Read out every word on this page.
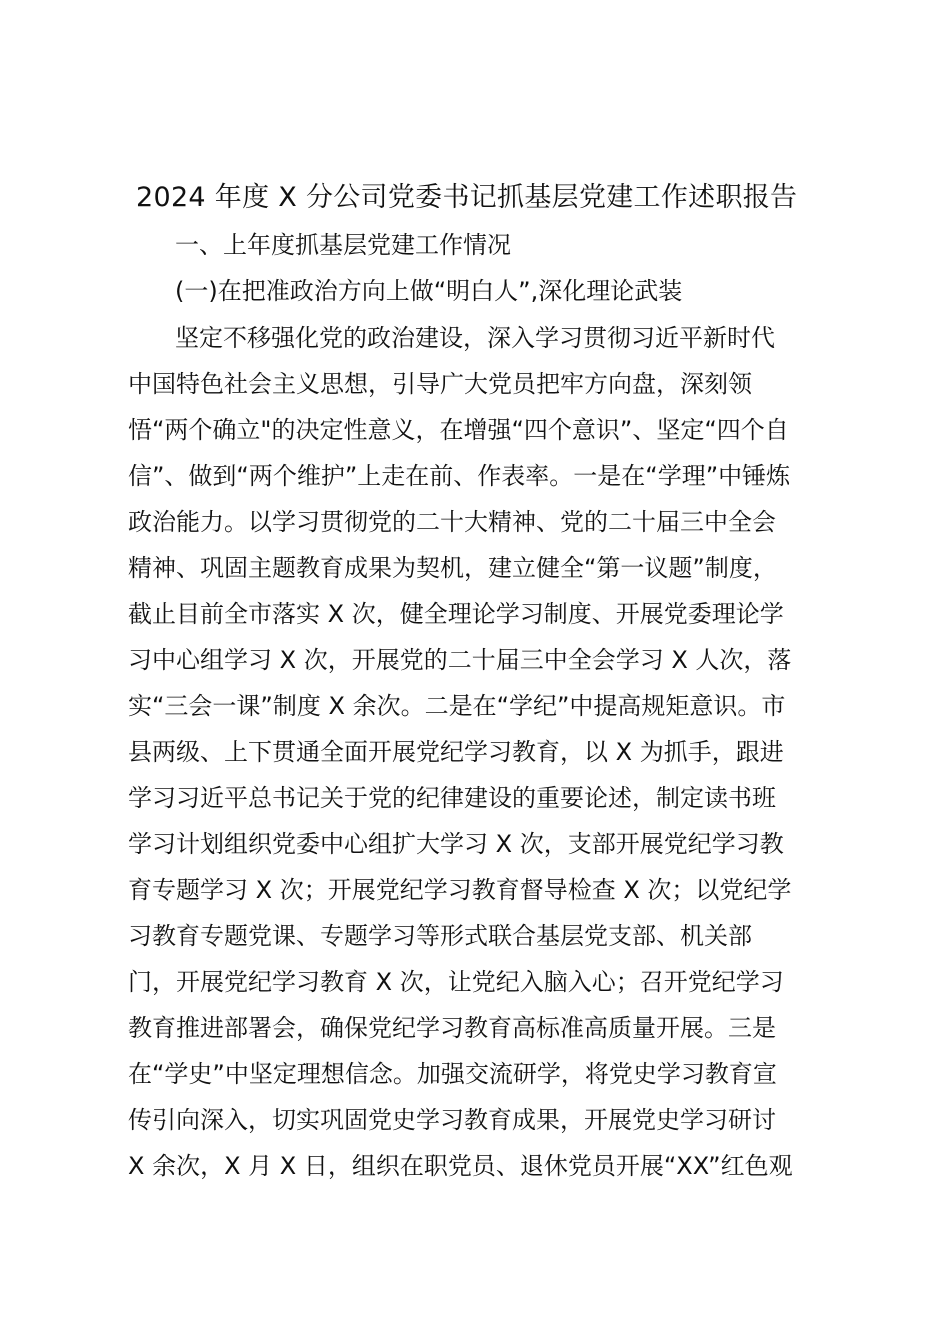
2024 年度 X 分公司党委书记抓基层党建工作述职报告
一、上年度抓基层党建工作情况
(一)在把准政治方向上做“明白人”,深化理论武装
坚定不移强化党的政治建设，深入学习贯彻习近平新时代
中国特色社会主义思想，引导广大党员把牢方向盘，深刻领
悟“两个确立"的决定性意义，在增强“四个意识”、坚定“四个自
信”、做到“两个维护”上走在前、作表率。一是在“学理”中锤炼
政治能力。以学习贯彻党的二十大精神、党的二十届三中全会
精神、巩固主题教育成果为契机，建立健全“第一议题”制度，
截止目前全市落实 X 次，健全理论学习制度、开展党委理论学
习中心组学习 X 次，开展党的二十届三中全会学习 X 人次，落
实“三会一课”制度 X 余次。二是在“学纪”中提高规矩意识。市
县两级、上下贯通全面开展党纪学习教育，以 X 为抓手，跟进
学习习近平总书记关于党的纪律建设的重要论述，制定读书班
学习计划组织党委中心组扩大学习 X 次，支部开展党纪学习教
育专题学习 X 次；开展党纪学习教育督导检查 X 次；以党纪学
习教育专题党课、专题学习等形式联合基层党支部、机关部
门，开展党纪学习教育 X 次，让党纪入脑入心；召开党纪学习
教育推进部署会，确保党纪学习教育高标准高质量开展。三是
在“学史”中坚定理想信念。加强交流研学，将党史学习教育宣
传引向深入，切实巩固党史学习教育成果，开展党史学习研讨
X 余次，X 月 X 日，组织在职党员、退休党员开展“XX”红色观
